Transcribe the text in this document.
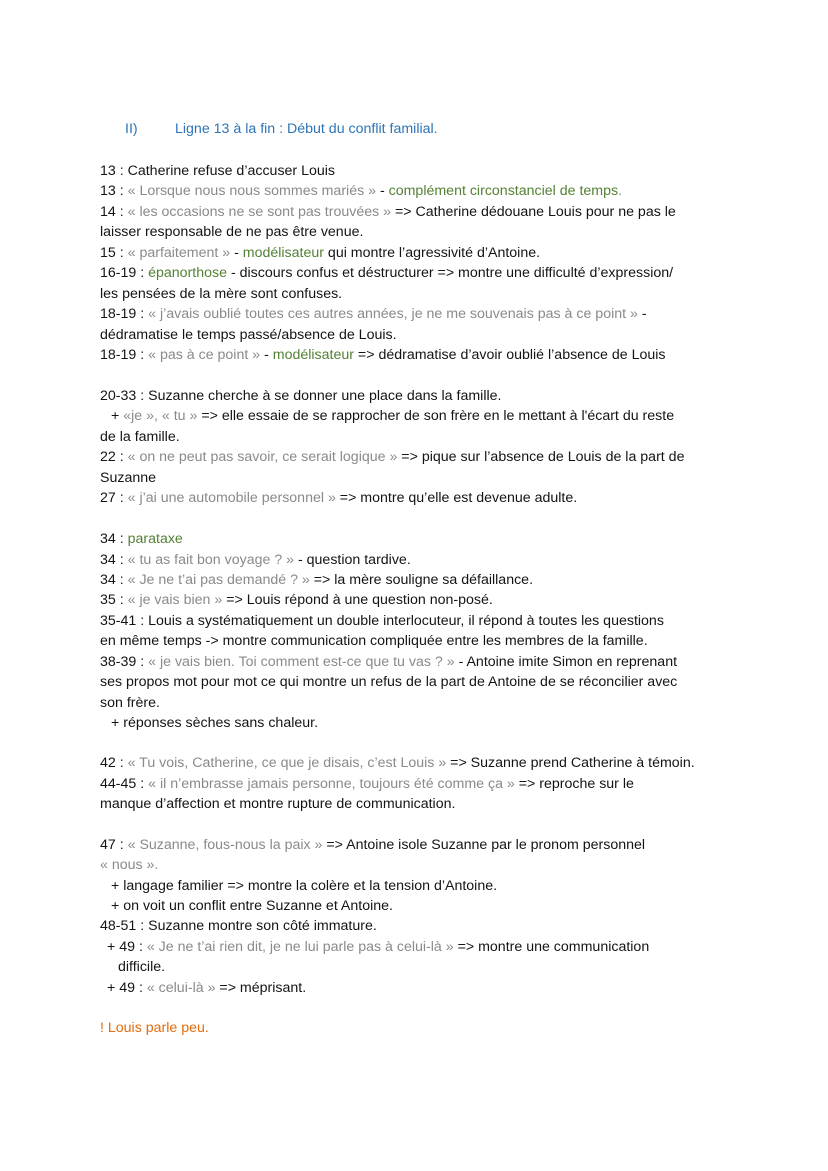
II)	Ligne 13 à la fin : Début du conflit familial.
13 : Catherine refuse d’accuser Louis
13 : « Lorsque nous nous sommes mariés » - complément circonstanciel de temps.
14 : « les occasions ne se sont pas trouvées » => Catherine dédouane Louis pour ne pas le
laisser responsable de ne pas être venue.
15 : « parfaitement » - modélisateur qui montre l’agressivité d’Antoine.
16-19 : épanorthose - discours confus et déstructurer => montre une difficulté d’expression/
les pensées de la mère sont confuses.
18-19 : « j’avais oublié toutes ces autres années, je ne me souvenais pas à ce point » -
dédramatise le temps passé/absence de Louis.
18-19 : « pas à ce point » - modélisateur => dédramatise d’avoir oublié l’absence de Louis
20-33 : Suzanne cherche à se donner une place dans la famille.
+ «je », « tu » => elle essaie de se rapprocher de son frère en le mettant à l'écart du reste
de la famille.
22 : « on ne peut pas savoir, ce serait logique » => pique sur l’absence de Louis de la part de
Suzanne
27 : « j’ai une automobile personnel » => montre qu’elle est devenue adulte.
34 : parataxe
34 : « tu as fait bon voyage ? » - question tardive.
34 : « Je ne t’ai pas demandé ? » => la mère souligne sa défaillance.
35 : « je vais bien » => Louis répond à une question non-posé.
35-41 : Louis a systématiquement un double interlocuteur, il répond à toutes les questions
en même temps -> montre communication compliquée entre les membres de la famille.
38-39 : « je vais bien. Toi comment est-ce que tu vas ? » - Antoine imite Simon en reprenant
ses propos mot pour mot ce qui montre un refus de la part de Antoine de se réconcilier avec
son frère.
+ réponses sèches sans chaleur.
42 : « Tu vois, Catherine, ce que je disais, c’est Louis » => Suzanne prend Catherine à témoin.
44-45 : « il n’embrasse jamais personne, toujours été comme ça » => reproche sur le
manque d’affection et montre rupture de communication.
47 : « Suzanne, fous-nous la paix » => Antoine isole Suzanne par le pronom personnel
« nous ».
+ langage familier => montre la colère et la tension d’Antoine.
+ on voit un conflit entre Suzanne et Antoine.
48-51 : Suzanne montre son côté immature.
+ 49 : « Je ne t’ai rien dit, je ne lui parle pas à celui-là » => montre une communication
difficile.
+ 49 : « celui-là » => méprisant.
! Louis parle peu.
